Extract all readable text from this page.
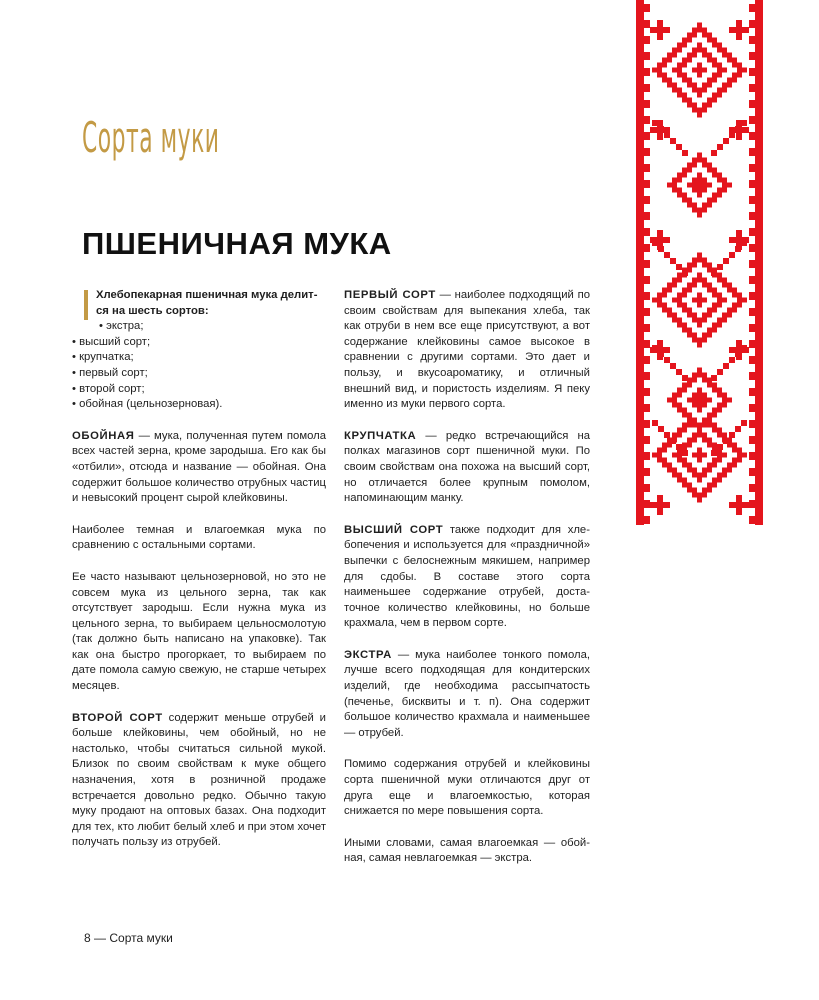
Сорта муки
ПШЕНИЧНАЯ МУКА

Хлебопекарная пшеничная мука делится на шесть сортов:

• экстра;
• высший сорт;
• крупчатка;
• первый сорт;
• второй сорт;
• обойная (цельнозерновая).

ОБОЙНАЯ — мука, полученная путем помола всех частей зерна, кроме зародыша. Его как бы «отбили», отсюда и название — обойная. Она содержит большое количество отрубных частиц и невысокий процент сырой клейковины.

Наиболее темная и влагоемкая мука по сравнению с остальными сортами.

Ее часто называют цельнозерновой, но это не совсем мука из цельного зерна, так как отсутствует зародыш. Если нужна мука из цельного зерна, то выбираем цельносмолотую (так должно быть написано на упаковке). Так как она быстро прогоркает, то выбираем по дате помола самую свежую, не старше четырех месяцев.

ВТОРОЙ СОРТ содержит меньше отрубей и больше клейковины, чем обойный, но не настолько, чтобы считаться сильной мукой. Близок по своим свойствам к муке общего назначения, хотя в розничной продаже встречается довольно редко. Обычно такую муку продают на оптовых базах. Она подходит для тех, кто любит белый хлеб и при этом хочет получать пользу из отрубей.

ПЕРВЫЙ СОРТ — наиболее подходящий по своим свойствам для выпекания хлеба, так как отруби в нем все еще присутствуют, а вот содержание клейковины самое высокое в сравнении с другими сортами. Это дает и пользу, и вкусоароматику, и отличный внешний вид, и пористость изделиям. Я пеку именно из муки первого сорта.

КРУПЧАТКА — редко встречающийся на полках магазинов сорт пшеничной муки. По своим свойствам она похожа на высший сорт, но отличается более крупным помолом, напоминающим манку.

ВЫСШИЙ СОРТ также подходит для хлебопечения и используется для «праздничной» выпечки с белоснежным мякишем, например для сдобы. В составе этого сорта наименьшее содержание отрубей, достаточное количество клейковины, но больше крахмала, чем в первом сорте.

ЭКСТРА — мука наиболее тонкого помола, лучше всего подходящая для кондитерских изделий, где необходима рассыпчатость (печенье, бисквиты и т. п). Она содержит большое количество крахмала и наименьшее — отрубей.

Помимо содержания отрубей и клейковины сорта пшеничной муки отличаются друг от друга еще и влагоемкостью, которая снижается по мере повышения сорта.

Иными словами, самая влагоемкая — обойная, самая невлагоемкая — экстра.

8 — Сорта муки
